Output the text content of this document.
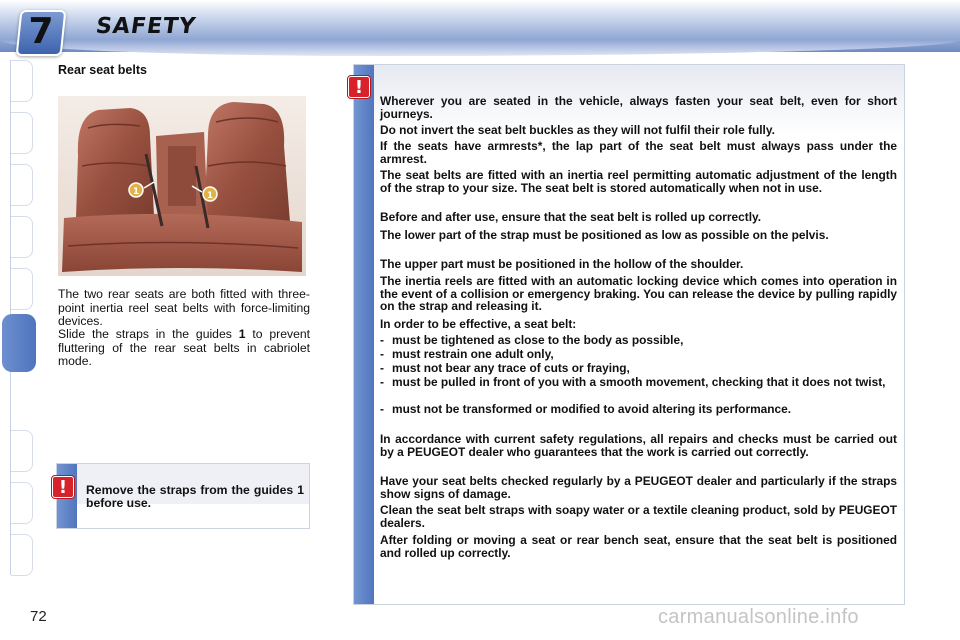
7 SAFETY
Rear seat belts
1	1
The two rear seats are both fitted with three-point inertia reel seat belts with force-limiting devices.
Slide the straps in the guides 1 to prevent fluttering of the rear seat belts in cabriolet mode.
!	Remove the straps from the guides 1 before use.
!
Wherever you are seated in the vehicle, always fasten your seat belt, even for short journeys.
Do not invert the seat belt buckles as they will not fulfil their role fully.
If the seats have armrests*, the lap part of the seat belt must always pass under the armrest.
The seat belts are fitted with an inertia reel permitting automatic adjustment of the length of the strap to your size. The seat belt is stored automatically when not in use.
Before and after use, ensure that the seat belt is rolled up correctly.
The lower part of the strap must be positioned as low as possible on the pelvis.
The upper part must be positioned in the hollow of the shoulder.
The inertia reels are fitted with an automatic locking device which comes into operation in the event of a collision or emergency braking. You can release the device by pulling rapidly on the strap and releasing it.
In order to be effective, a seat belt:
- must be tightened as close to the body as possible,
- must restrain one adult only,
- must not bear any trace of cuts or fraying,
- must be pulled in front of you with a smooth movement, checking that it does not twist,
- must not be transformed or modified to avoid altering its performance.
In accordance with current safety regulations, all repairs and checks must be carried out by a PEUGEOT dealer who guarantees that the work is carried out correctly.
Have your seat belts checked regularly by a PEUGEOT dealer and particularly if the straps show signs of damage.
Clean the seat belt straps with soapy water or a textile cleaning product, sold by PEUGEOT dealers.
After folding or moving a seat or rear bench seat, ensure that the seat belt is positioned and rolled up correctly.
72	carmanualsonline.info
